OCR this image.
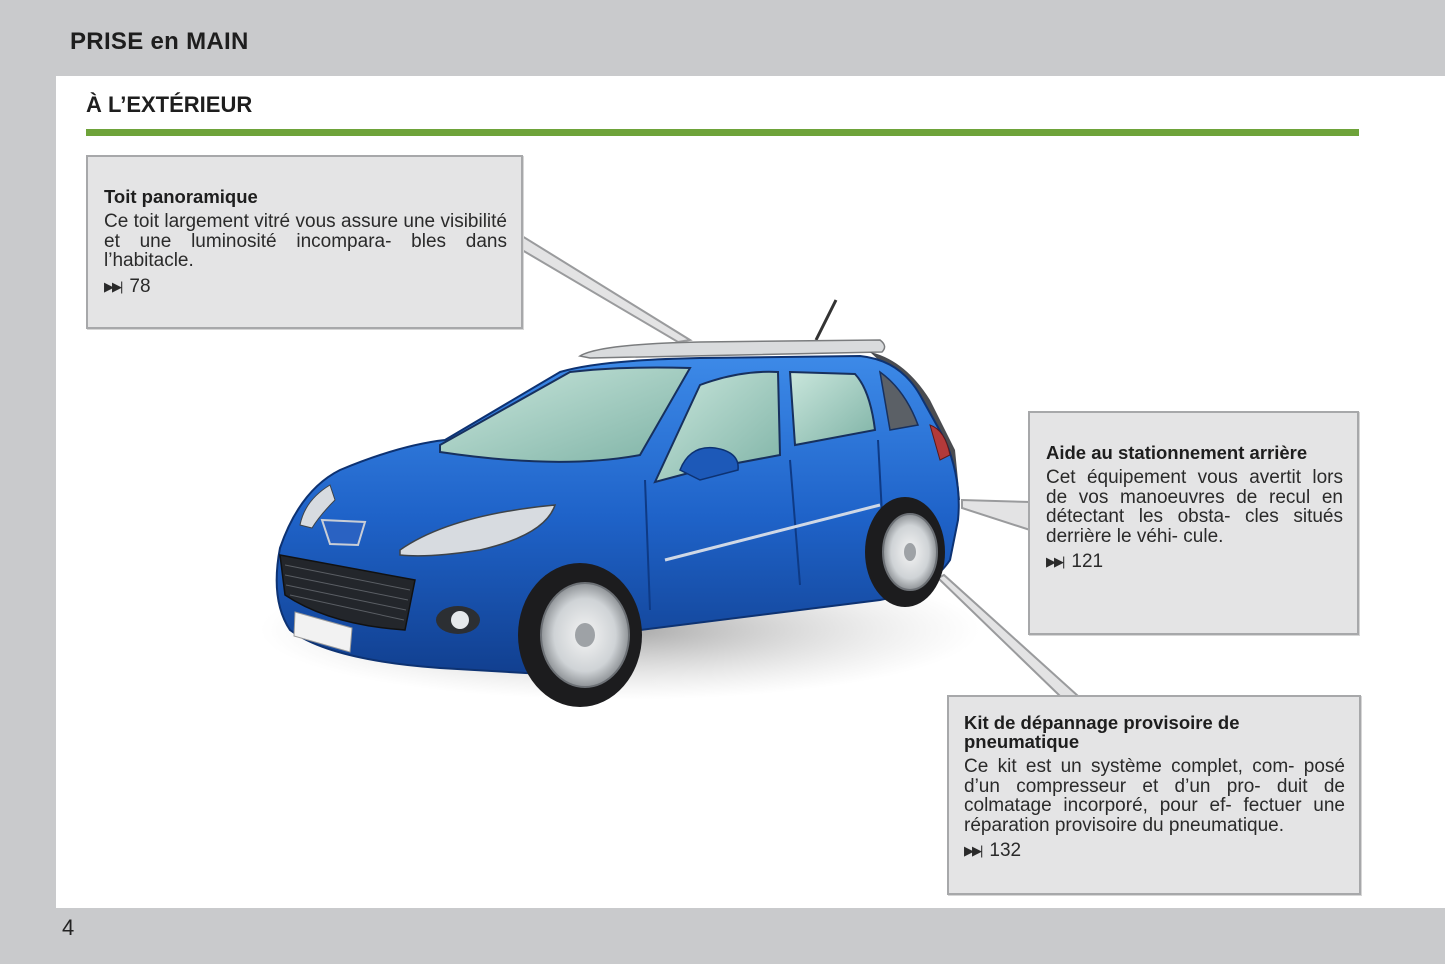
PRISE en MAIN
À L’EXTÉRIEUR
Toit panoramique

Ce toit largement vitré vous assure une visibilité et une luminosité incompara- bles dans l’habitacle.

▶▶| 78
Aide au stationnement arrière

Cet équipement vous avertit lors de vos manoeuvres de recul en détectant les obsta- cles situés derrière le véhi- cule.

▶▶| 121
Kit de dépannage provisoire de pneumatique

Ce kit est un système complet, com- posé d’un compresseur et d’un pro- duit de colmatage incorporé, pour ef- fectuer une réparation provisoire du pneumatique.

▶▶| 132
4
